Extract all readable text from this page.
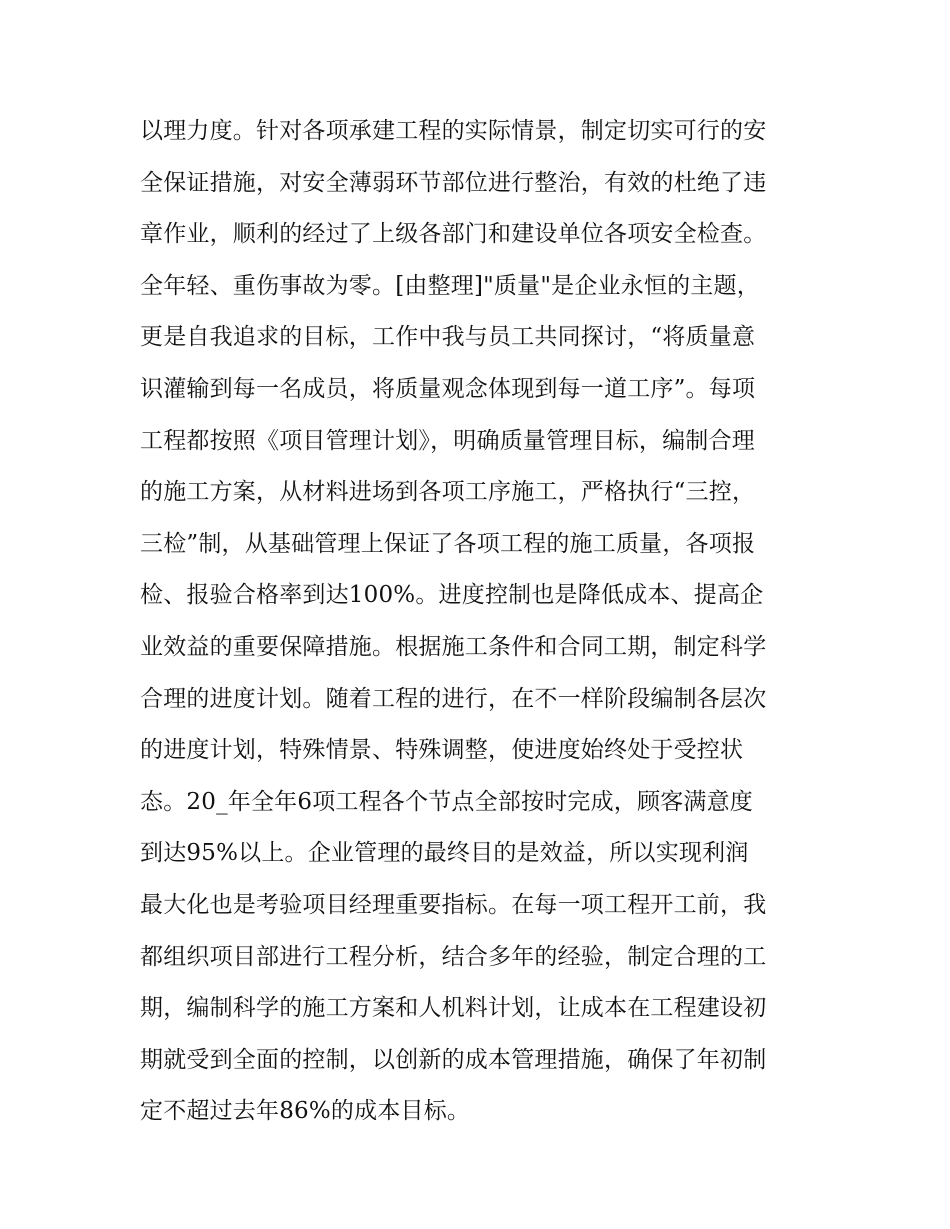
以理力度。针对各项承建工程的实际情景，制定切实可行的安
全保证措施，对安全薄弱环节部位进行整治，有效的杜绝了违
章作业，顺利的经过了上级各部门和建设单位各项安全检查。
全年轻、重伤事故为零。[由整理]"质量"是企业永恒的主题，
更是自我追求的目标，工作中我与员工共同探讨，“将质量意
识灌输到每一名成员，将质量观念体现到每一道工序”。每项
工程都按照《项目管理计划》，明确质量管理目标，编制合理
的施工方案，从材料进场到各项工序施工，严格执行“三控，
三检”制，从基础管理上保证了各项工程的施工质量，各项报
检、报验合格率到达100%。进度控制也是降低成本、提高企
业效益的重要保障措施。根据施工条件和合同工期，制定科学
合理的进度计划。随着工程的进行，在不一样阶段编制各层次
的进度计划，特殊情景、特殊调整，使进度始终处于受控状
态。20_年全年6项工程各个节点全部按时完成，顾客满意度
到达95%以上。企业管理的最终目的是效益，所以实现利润
最大化也是考验项目经理重要指标。在每一项工程开工前，我
都组织项目部进行工程分析，结合多年的经验，制定合理的工
期，编制科学的施工方案和人机料计划，让成本在工程建设初
期就受到全面的控制，以创新的成本管理措施，确保了年初制
定不超过去年86%的成本目标。
